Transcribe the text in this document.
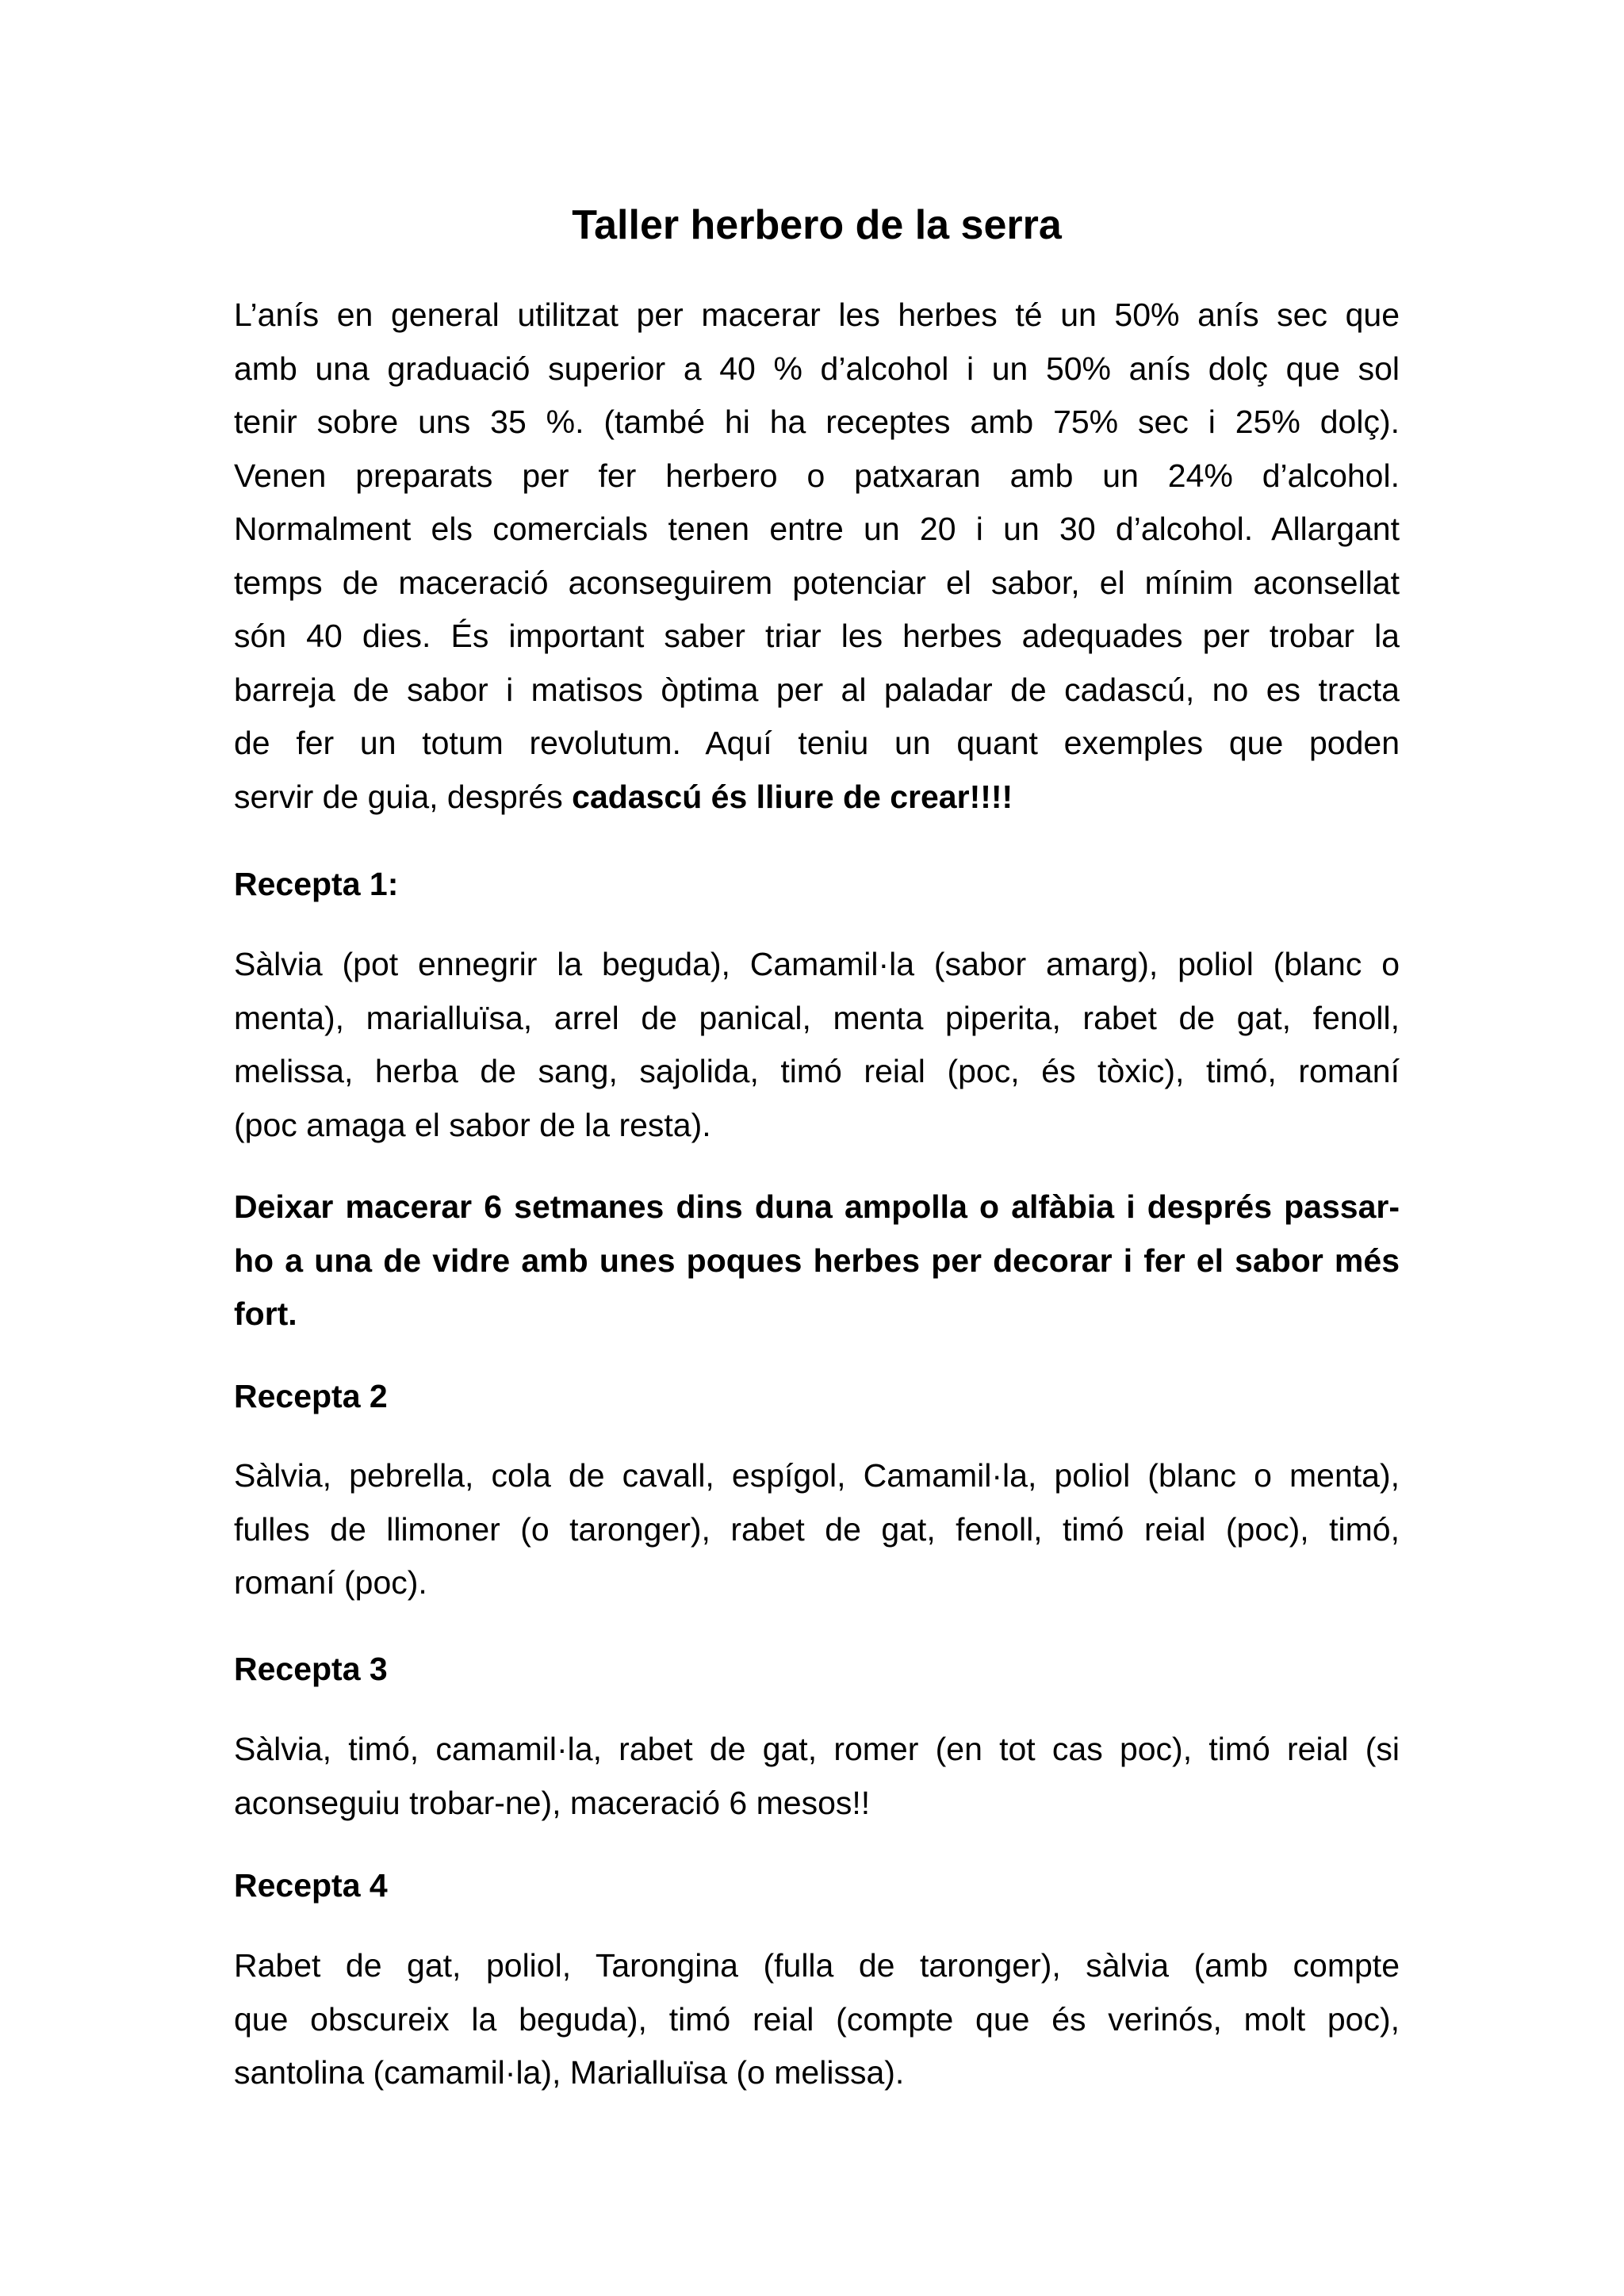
Taller herbero de la serra

L’anís en general utilitzat per macerar les herbes té un 50% anís sec que
amb una graduació superior a 40 % d’alcohol i un 50% anís dolç que sol
tenir sobre uns 35 %. (també hi ha receptes amb 75% sec i 25% dolç).
Venen preparats per fer herbero o patxaran amb un 24% d’alcohol.
Normalment els comercials tenen entre un 20 i un 30 d’alcohol. Allargant
temps de maceració aconseguirem potenciar el sabor, el mínim aconsellat
són 40 dies. És important saber triar les herbes adequades per trobar la
barreja de sabor i matisos òptima per al paladar de cadascú, no es tracta
de fer un totum revolutum. Aquí teniu un quant exemples que poden
servir de guia, després cadascú és lliure de crear!!!!

Recepta 1:

Sàlvia (pot ennegrir la beguda), Camamil·la (sabor amarg), poliol (blanc o
menta), marialluïsa, arrel de panical, menta piperita, rabet de gat, fenoll,
melissa, herba de sang, sajolida, timó reial (poc, és tòxic), timó, romaní
(poc amaga el sabor de la resta).

Deixar macerar 6 setmanes dins duna ampolla o alfàbia i després passar-
ho a una de vidre amb unes poques herbes per decorar i fer el sabor més
fort.

Recepta 2

Sàlvia, pebrella, cola de cavall, espígol, Camamil·la, poliol (blanc o menta),
fulles de llimoner (o taronger), rabet de gat, fenoll, timó reial (poc), timó,
romaní (poc).

Recepta 3

Sàlvia, timó, camamil·la, rabet de gat, romer (en tot cas poc), timó reial (si
aconseguiu trobar-ne), maceració 6 mesos!!

Recepta 4

Rabet de gat, poliol, Tarongina (fulla de taronger), sàlvia (amb compte
que obscureix la beguda), timó reial (compte que és verinós, molt poc),
santolina (camamil·la), Marialluïsa (o melissa).
